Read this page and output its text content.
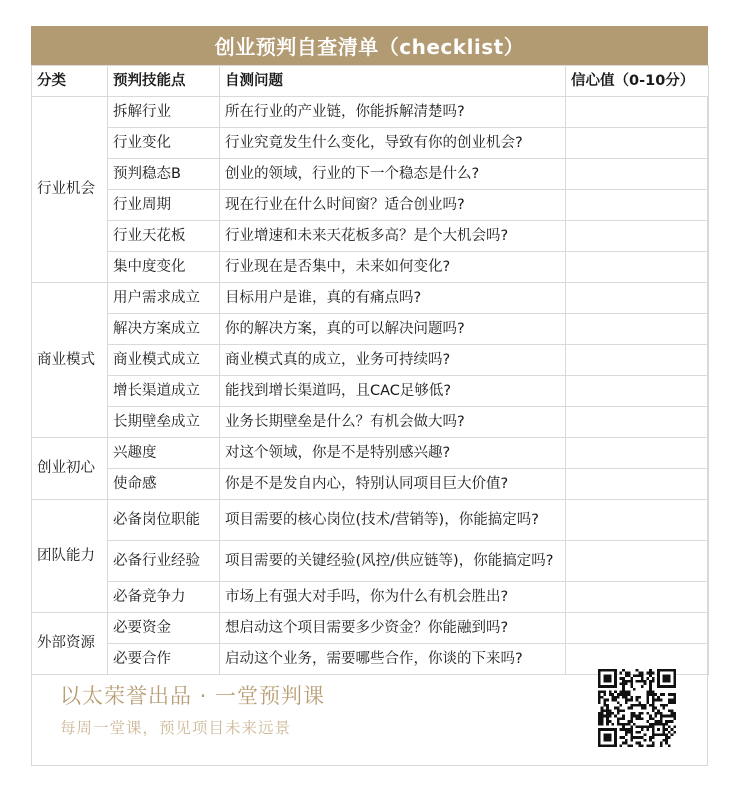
创业预判自查清单（checklist）
分类	预判技能点	自测问题	信心值（0-10分）
行业机会	拆解行业	所在行业的产业链，你能拆解清楚吗?	
	行业变化	行业究竟发生什么变化，导致有你的创业机会?	
	预判稳态B	创业的领域，行业的下一个稳态是什么?	
	行业周期	现在行业在什么时间窗？适合创业吗?	
	行业天花板	行业增速和未来天花板多高？是个大机会吗?	
	集中度变化	行业现在是否集中，未来如何变化?	
商业模式	用户需求成立	目标用户是谁，真的有痛点吗?	
	解决方案成立	你的解决方案，真的可以解决问题吗?	
	商业模式成立	商业模式真的成立，业务可持续吗?	
	增长渠道成立	能找到增长渠道吗，且CAC足够低?	
	长期壁垒成立	业务长期壁垒是什么？有机会做大吗?	
创业初心	兴趣度	对这个领域，你是不是特别感兴趣?	
	使命感	你是不是发自内心，特别认同项目巨大价值?	
团队能力	必备岗位职能	项目需要的核心岗位(技术/营销等)，你能搞定吗?	
	必备行业经验	项目需要的关键经验(风控/供应链等)，你能搞定吗?	
	必备竞争力	市场上有强大对手吗，你为什么有机会胜出?	
外部资源	必要资金	想启动这个项目需要多少资金？你能融到吗?	
	必要合作	启动这个业务，需要哪些合作，你谈的下来吗?	
以太荣誉出品 · 一堂预判课
每周一堂课，预见项目未来远景
